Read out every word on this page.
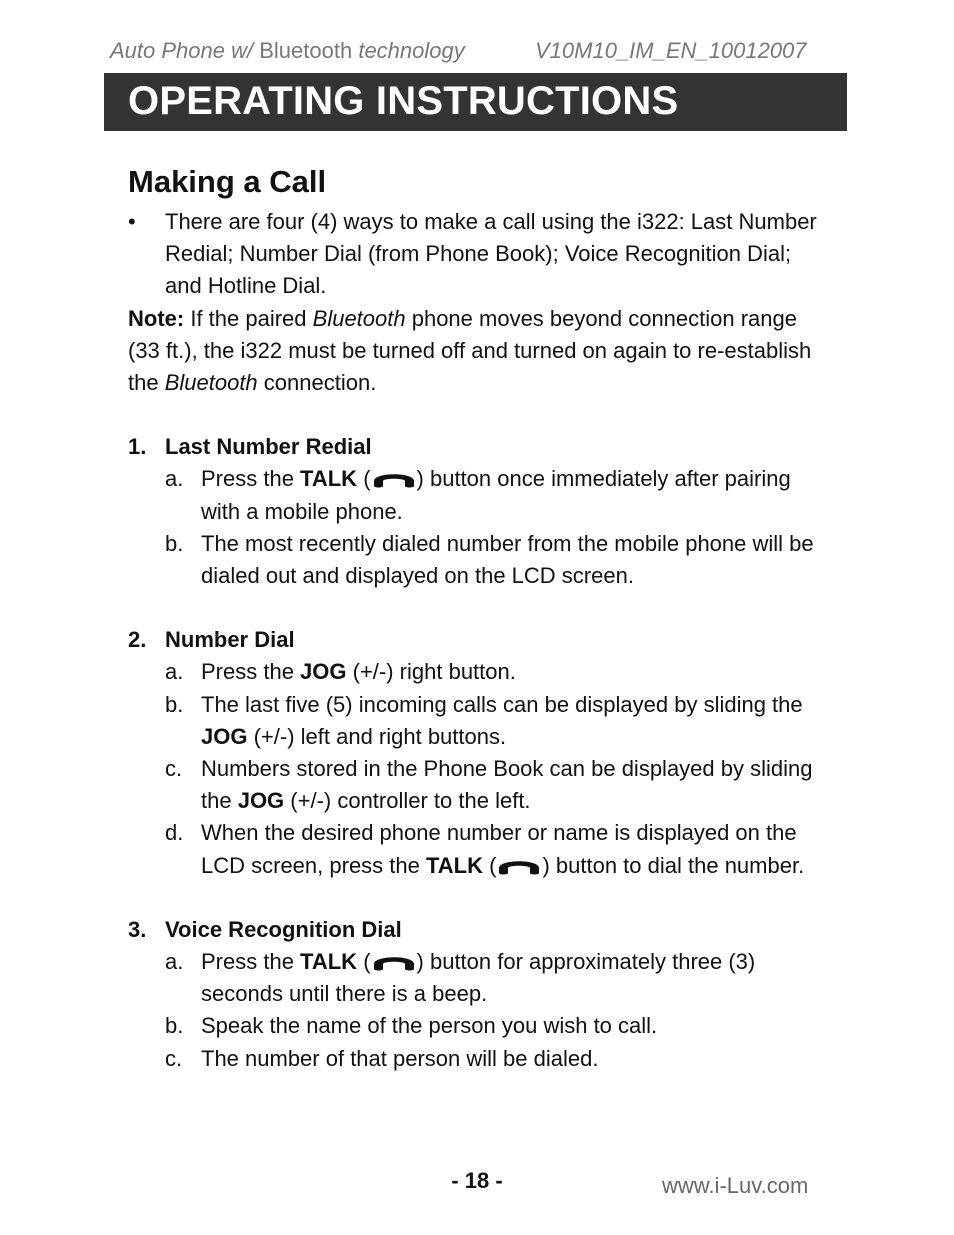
Auto Phone w/ Bluetooth technology	V10M10_IM_EN_10012007
OPERATING INSTRUCTIONS
Making a Call
• There are four (4) ways to make a call using the i322: Last Number Redial; Number Dial (from Phone Book); Voice Recognition Dial; and Hotline Dial.
Note: If the paired Bluetooth phone moves beyond connection range (33 ft.), the i322 must be turned off and turned on again to re-establish the Bluetooth connection.
1. Last Number Redial
a. Press the TALK ( ) button once immediately after pairing with a mobile phone.
b. The most recently dialed number from the mobile phone will be dialed out and displayed on the LCD screen.
2. Number Dial
a. Press the JOG (+/-) right button.
b. The last five (5) incoming calls can be displayed by sliding the JOG (+/-) left and right buttons.
c. Numbers stored in the Phone Book can be displayed by sliding the JOG (+/-) controller to the left.
d. When the desired phone number or name is displayed on the LCD screen, press the TALK ( ) button to dial the number.
3. Voice Recognition Dial
a. Press the TALK ( ) button for approximately three (3) seconds until there is a beep.
b. Speak the name of the person you wish to call.
c. The number of that person will be dialed.
- 18 -	www.i-Luv.com
